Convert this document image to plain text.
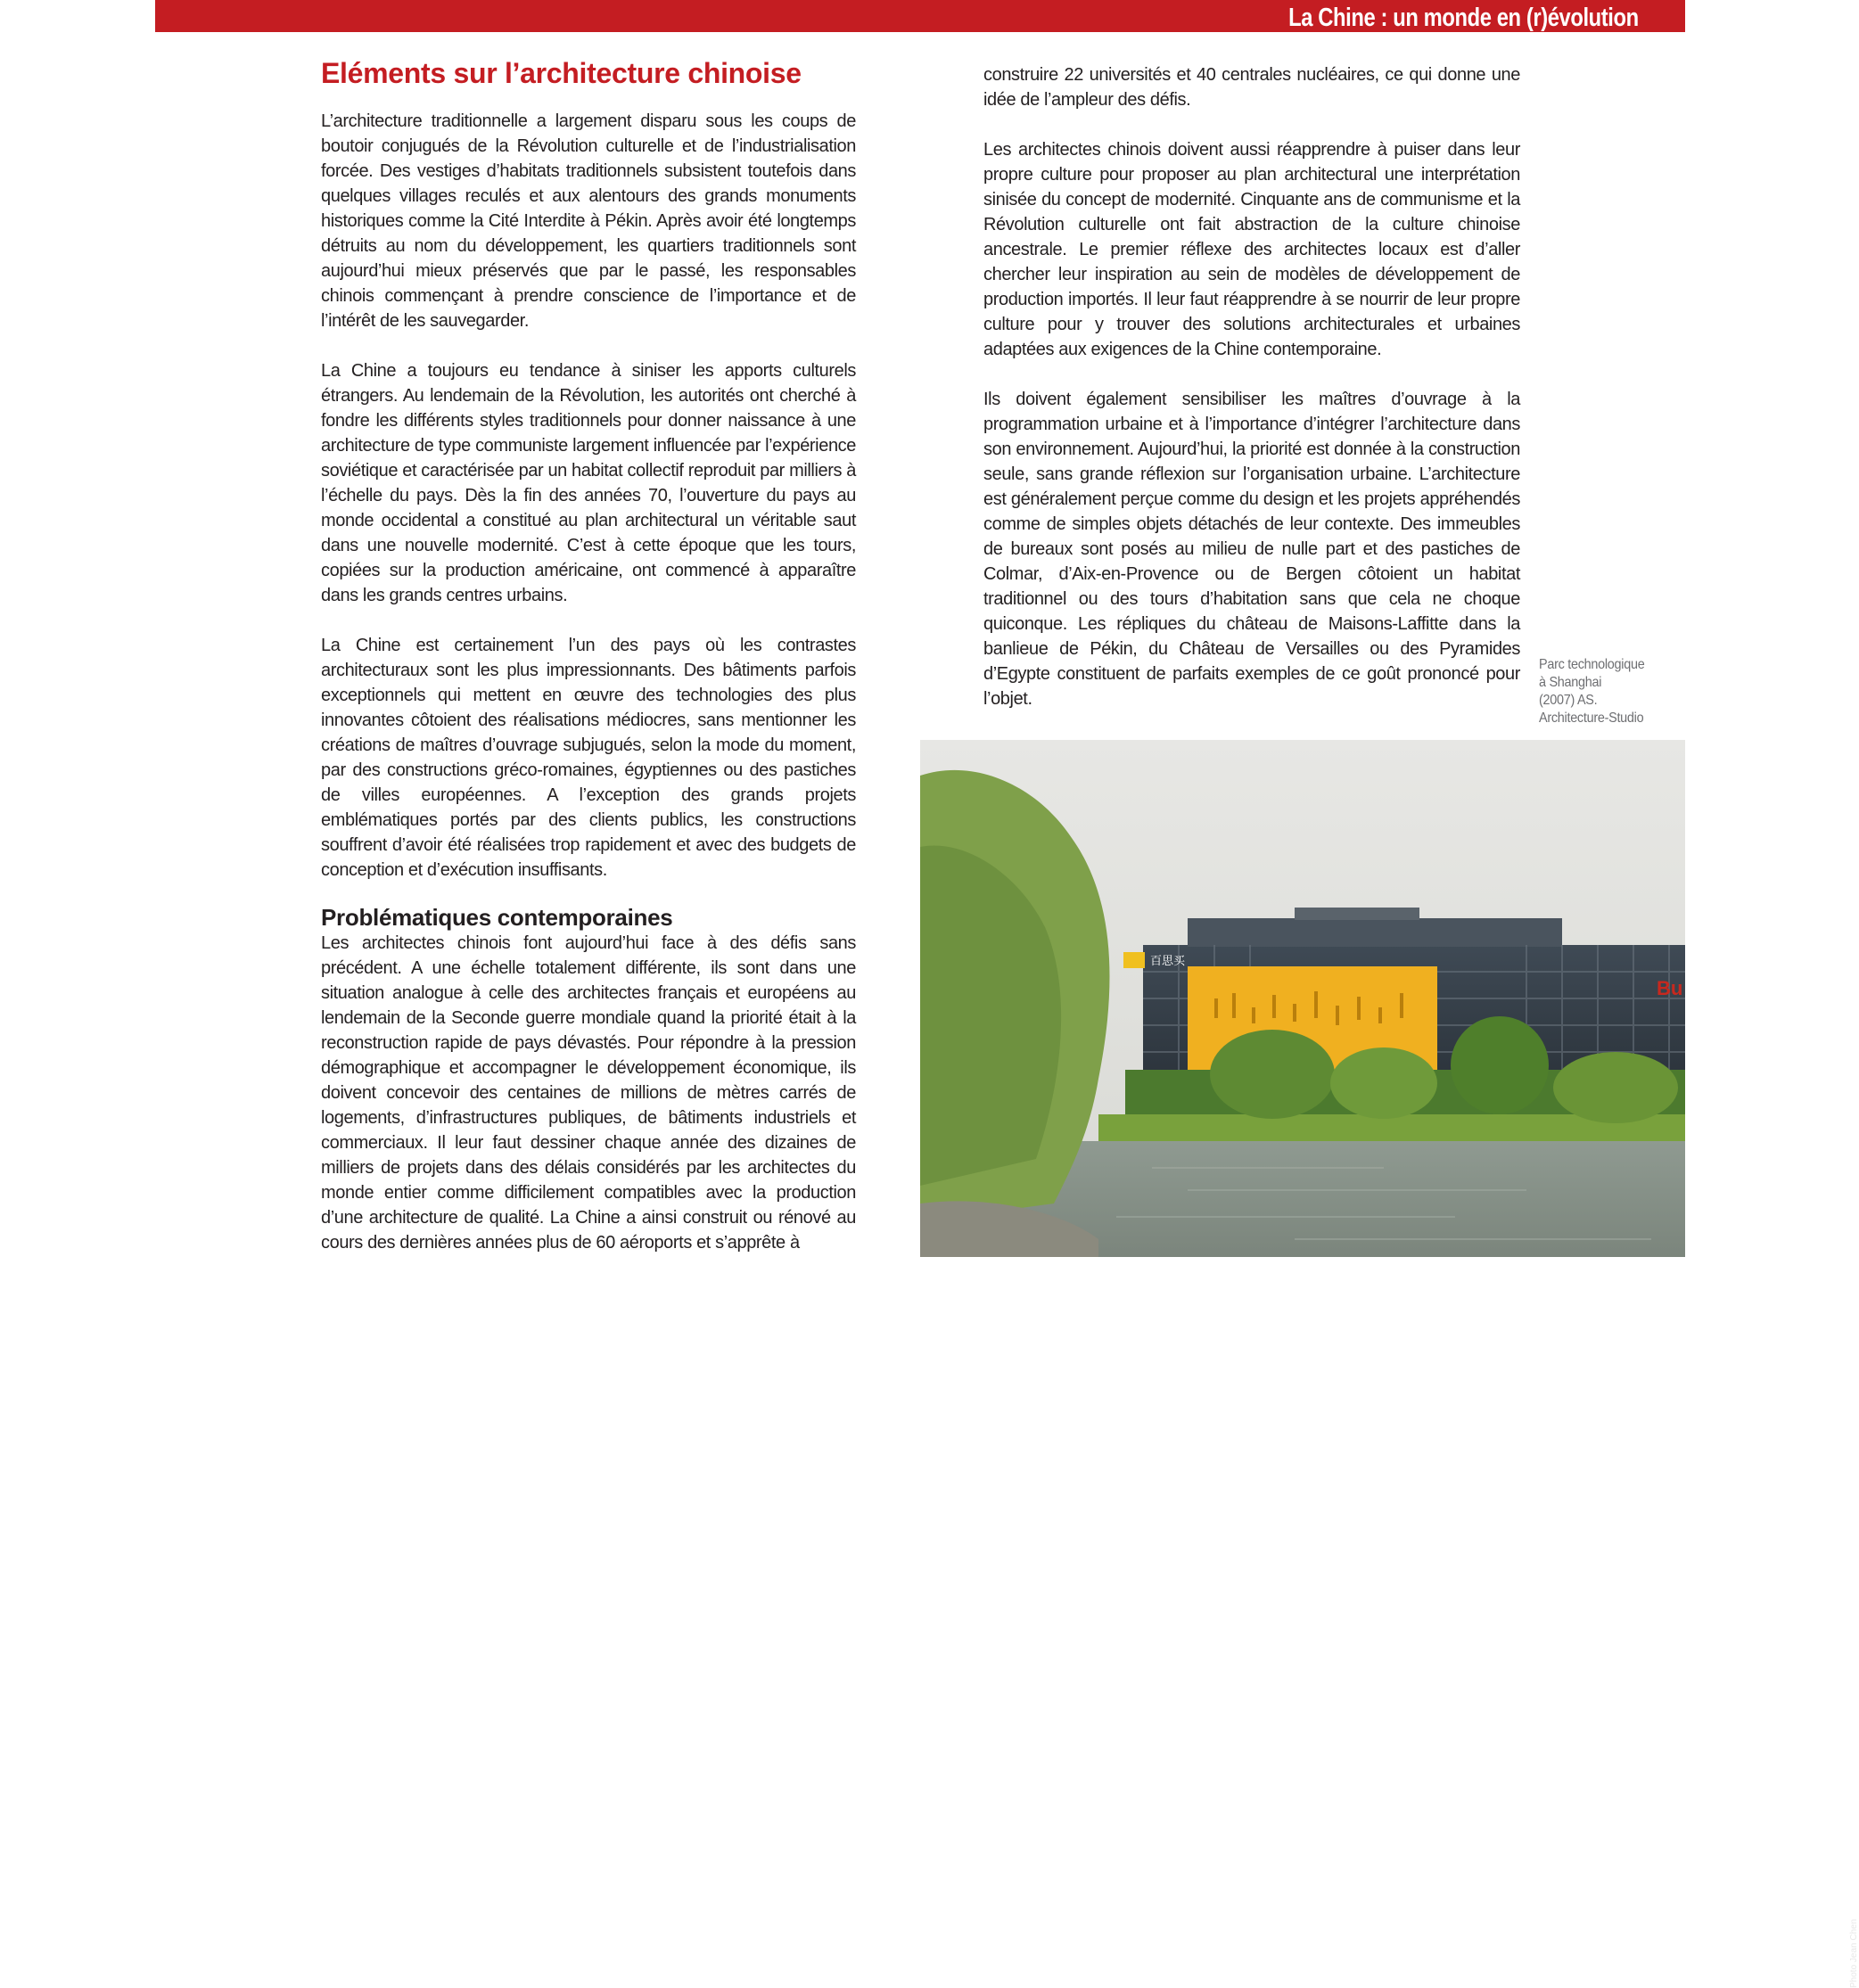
La Chine : un monde en (r)évolution
Eléments sur l’architecture chinoise

L’architecture traditionnelle a largement disparu sous les coups de boutoir conjugués de la Révolution culturelle et de l’industrialisation forcée. Des vestiges d’habitats traditionnels subsistent toutefois dans quelques villages reculés et aux alentours des grands monuments historiques comme la Cité Interdite à Pékin. Après avoir été longtemps détruits au nom du développement, les quartiers traditionnels sont aujourd’hui mieux préservés que par le passé, les responsables chinois commençant à prendre conscience de l’importance et de l’intérêt de les sauvegarder.

La Chine a toujours eu tendance à siniser les apports culturels étrangers. Au lendemain de la Révolution, les autorités ont cherché à fondre les différents styles traditionnels pour donner naissance à une architecture de type communiste largement influencée par l’expérience soviétique et caractérisée par un habitat collectif reproduit par milliers à l’échelle du pays. Dès la fin des années 70, l’ouverture du pays au monde occidental a constitué au plan architectural un véritable saut dans une nouvelle modernité. C’est à cette époque que les tours, copiées sur la production américaine, ont commencé à apparaître dans les grands centres urbains.

La Chine est certainement l’un des pays où les contrastes architecturaux sont les plus impressionnants. Des bâtiments parfois exceptionnels qui mettent en œuvre des technologies des plus innovantes côtoient des réalisations médiocres, sans mentionner les créations de maîtres d’ouvrage subjugués, selon la mode du moment, par des constructions gréco-romaines, égyptiennes ou des pastiches de villes européennes. A l’exception des grands projets emblématiques portés par des clients publics, les constructions souffrent d’avoir été réalisées trop rapidement et avec des budgets de conception et d’exécution insuffisants.

Problématiques contemporaines

Les architectes chinois font aujourd’hui face à des défis sans précédent. A une échelle totalement différente, ils sont dans une situation analogue à celle des architectes français et européens au lendemain de la Seconde guerre mondiale quand la priorité était à la reconstruction rapide de pays dévastés. Pour répondre à la pression démographique et accompagner le développement économique, ils doivent concevoir des centaines de millions de mètres carrés de logements, d’infrastructures publiques, de bâtiments industriels et commerciaux. Il leur faut dessiner chaque année des dizaines de milliers de projets dans des délais considérés par les architectes du monde entier comme difficilement compatibles avec la production d’une architecture de qualité. La Chine a ainsi construit ou rénové au cours des dernières années plus de 60 aéroports et s’apprête à

construire 22 universités et 40 centrales nucléaires, ce qui donne une idée de l’ampleur des défis.

Les architectes chinois doivent aussi réapprendre à puiser dans leur propre culture pour proposer au plan architectural une interprétation sinisée du concept de modernité. Cinquante ans de communisme et la Révolution culturelle ont fait abstraction de la culture chinoise ancestrale. Le premier réflexe des architectes locaux est d’aller chercher leur inspiration au sein de modèles de développement de production importés. Il leur faut réapprendre à se nourrir de leur propre culture pour y trouver des solutions architecturales et urbaines adaptées aux exigences de la Chine contemporaine.

Ils doivent également sensibiliser les maîtres d’ouvrage à la programmation urbaine et à l’importance d’intégrer l’architecture dans son environnement. Aujourd’hui, la priorité est donnée à la construction seule, sans grande réflexion sur l’organisation urbaine. L’architecture est généralement perçue comme du design et les projets appréhendés comme de simples objets détachés de leur contexte. Des immeubles de bureaux sont posés au milieu de nulle part et des pastiches de Colmar, d’Aix-en-Provence ou de Bergen côtoient un habitat traditionnel ou des tours d’habitation sans que cela ne choque quiconque. Les répliques du château de Maisons-Laffitte dans la banlieue de Pékin, du Château de Versailles ou des Pyramides d’Egypte constituent de parfaits exemples de ce goût prononcé pour l’objet.

Parc technologique
à Shanghai
(2007) AS.
Architecture-Studio
百思买
Bu
Photo Jean Chen
